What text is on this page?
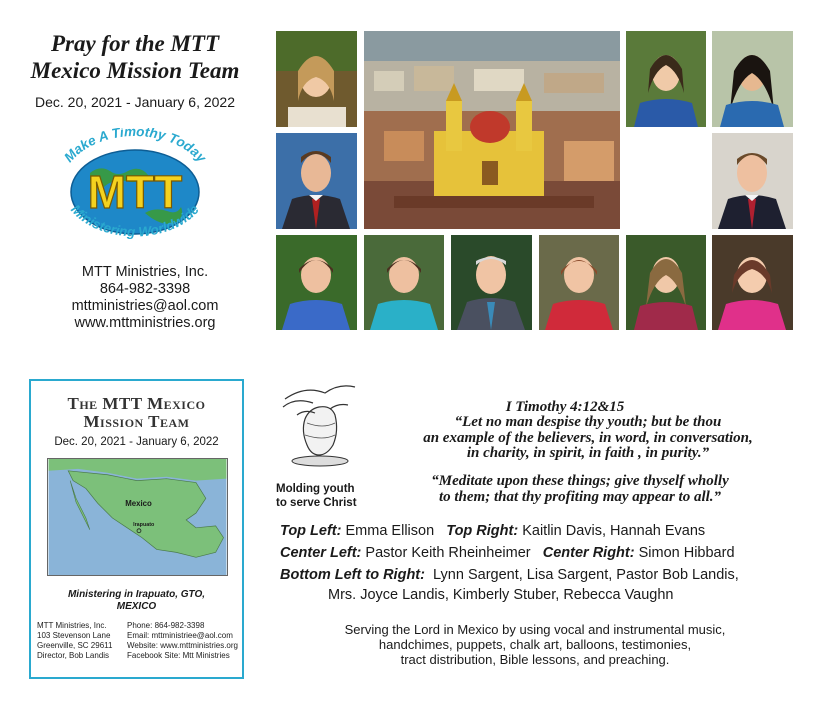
Pray for the MTT
Mexico Mission Team
Dec. 20, 2021 - January 6, 2022
MTT
Make A Timothy Today
Ministering Worldwide
MTT Ministries, Inc.
864-982-3398
mttministries@aol.com
www.mttministries.org
The MTT Mexico
Mission Team
Dec. 20, 2021 - January 6, 2022
Mexico
Irapuato
Ministering in Irapuato, GTO,
MEXICO
MTT Ministries, Inc.
103 Stevenson Lane
Greenville, SC 29611
Director, Bob Landis
Phone: 864-982-3398
Email: mttministriee@aol.com
Website: www.mttministries.org
Facebook Site: Mtt Ministries
Molding youth
to serve Christ
I Timothy 4:12&15
“Let no man despise thy youth; but be thou
an example of the believers, in word, in conversation,
in charity, in spirit, in faith , in purity.”
“Meditate upon these things; give thyself wholly
to them; that thy profiting may appear to all.”
Top Left: Emma Ellison Top Right: Kaitlin Davis, Hannah Evans
Center Left: Pastor Keith Rheinheimer Center Right: Simon Hibbard
Bottom Left to Right: Lynn Sargent, Lisa Sargent, Pastor Bob Landis,
Mrs. Joyce Landis, Kimberly Stuber, Rebecca Vaughn
Serving the Lord in Mexico by using vocal and instrumental music,
handchimes, puppets, chalk art, balloons, testimonies,
tract distribution, Bible lessons, and preaching.
